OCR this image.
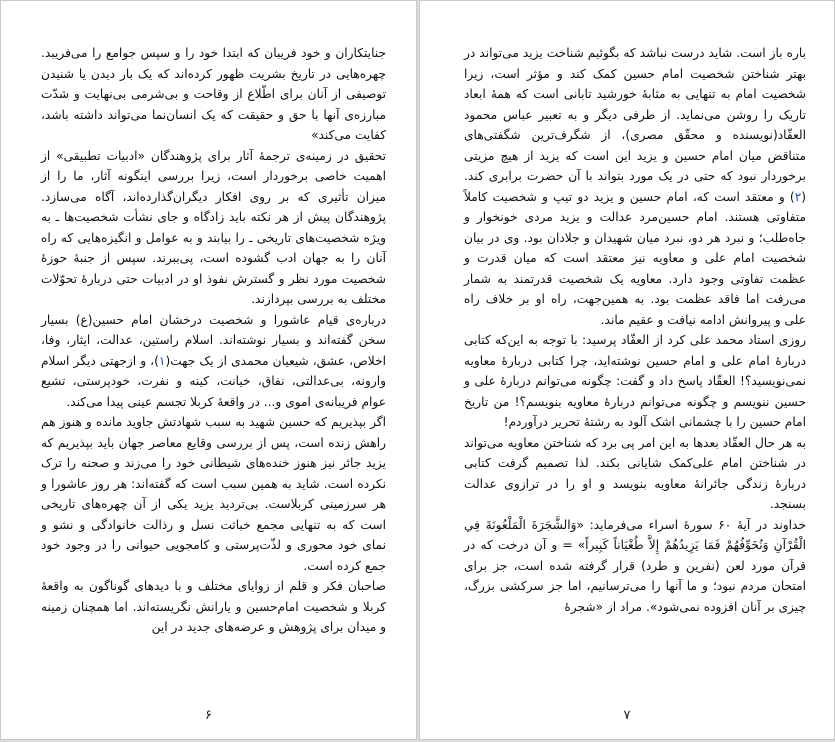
جنایتکاران و خود فریبان که ابتدا خود را و سپس جوامع را می‌فریبد. چهره‌هایی در تاریخ بشریت ظهور کرده‌اند که یک بار دیدن یا شنیدن توصیفی از آنان برای اطّلاع از وقاحت و بی‌شرمی بی‌نهایت و شدّت مبارزه‌ی آنها با حق و حقیقت که یک انسان‌نما می‌تواند داشته باشد، کفایت می‌کند»

تحقیق در زمینه‌ی ترجمهٔ آثار برای پژوهندگان «ادبیات تطبیقی» از اهمیت خاصی برخوردار است، زیرا بررسی اینگونه آثار، ما را از میزان تأثیری که بر روی افکار دیگران‌گذارده‌اند، آگاه می‌سازد. پژوهندگان پیش از هر نکته باید زادگاه و جای نشأت شخصیت‌ها ـ به ویژه شخصیت‌های تاریخی ـ را بیابند و به عوامل و انگیزه‌هایی که راه آنان را به جهان ادب گشوده است، پی‌ببرند. سپس از جنبهٔ حوزهٔ شخصیت مورد نظر و گسترش نفوذ او در ادبیات حتی دربارهٔ تحوّلات مختلف به بررسی بپردازند.

درباره‌ی قیام عاشورا و شخصیت درخشان امام حسین(ع) بسیار سخن گفته‌اند و بسیار نوشته‌اند. اسلام راستین، عدالت، ایثار، وفا، اخلاص، عشق، شیعیان محمدی از یک جهت(۱)، و ازجهتی دیگر اسلام وارونه، بی‌عدالتی، نفاق، خیانت، کینه و نفرت، خودپرستی، تشیع عوام فریبانه‌ی اموی و... در واقعهٔ کربلا تجسم عینی پیدا می‌کند.

اگر بپذیریم که حسین شهید به سبب شهادتش جاوید مانده و هنوز هم راهش زنده است، پس از بررسی وقایع معاصر جهان باید بپذیریم که یزید جائر نیز هنوز خنده‌های شیطانی خود را می‌زند و صحنه را ترک نکرده است. شاید به همین سبب است که گفته‌اند: هر روز عاشورا و هر سرزمینی کربلاست. بی‌تردید یزید یکی از آن چهره‌های تاریخی است که به تنهایی مجمع خباثت نسل و رذالت خانوادگی و نشو و نمای خود محوری و لذّت‌پرستی و کامجویی حیوانی را در وجود خود جمع کرده است.

صاحبان فکر و قلم از زوایای مختلف و با دیدهای گوناگون به واقعهٔ کربلا و شخصیت امام‌حسین و یارانش نگریسته‌اند. اما همچنان زمینه و میدان برای پژوهش و عرضه‌های جدید در این

۶

باره باز است. شاید درست نباشد که بگوئیم شناخت یزید می‌تواند در بهتر شناختن شخصیت امام حسین کمک کند و مؤثر است، زیرا شخصیت امام به تنهایی به مثابهٔ خورشید تابانی است که همهٔ ابعاد تاریک را روشن می‌نماید. از طرفی دیگر و به تعبیر عباس محمود العقّاد(نویسنده و محقّق مصری)، از شگرف‌ترین شگفتی‌های متناقض میان امام حسین و یزید این است که یزید از هیچ مزیتی برخوردار نبود که حتی در یک مورد بتواند با آن حضرت برابری کند.(۲) و معتقد است که، امام حسین و یزید دو تیپ و شخصیت کاملاً متفاوتی هستند. امام حسین‌مرد عدالت و یزید مردی خونخوار و جاه‌طلب؛ و نبرد هر دو، نبرد میان شهیدان و جلادان بود. وی در بیان شخصیت امام علی و معاویه نیز معتقد است که میان قدرت و عظمت تفاوتی وجود دارد. معاویه یک شخصیت قدرتمند به شمار می‌رفت اما فاقد عظمت بود. به همین‌جهت، راه او بر خلاف راه علی و پیروانش ادامه نیافت و عقیم ماند.

روزی استاد محمد علی کرد از العقّاد پرسید: با توجه به این‌که کتابی دربارهٔ امام علی و امام حسین نوشته‌اید، چرا کتابی دربارهٔ معاویه نمی‌نویسید؟! العقّاد پاسخ داد و گفت: چگونه می‌توانم دربارهٔ علی و حسین ننویسم و چگونه می‌توانم دربارهٔ معاویه بنویسم؟! من تاریخ امام حسین را با چشمانی اشک آلود به رشتهٔ تحریر درآوردم!

به هر حال العقّاد بعدها به این امر پی برد که شناختن معاویه می‌تواند در شناختن امام علی‌کمک شایانی بکند. لذا تصمیم گرفت کتابی دربارهٔ زندگی جائرانهٔ معاویه بنویسد و او را در ترازوی عدالت بسنجد.

خداوند در آیهٔ ۶۰ سورهٔ اسراء می‌فرماید: «وَالشَّجَرَةَ الْمَلْعُونَةَ فِي الْقُرْآنِ وَنُخَوِّفُهُمْ فَمَا يَزِيدُهُمْ إِلاَّ طُغْيَاناً كَبِيراً» = و آن درخت که در قرآن مورد لعن (نفرین و طرد) قرار گرفته شده است، جز برای امتحان مردم نبود؛ و ما آنها را می‌ترسانیم، اما جز سرکشی بزرگ، چیزی بر آنان افزوده نمی‌شود». مراد از «شجرهٔ

۷
